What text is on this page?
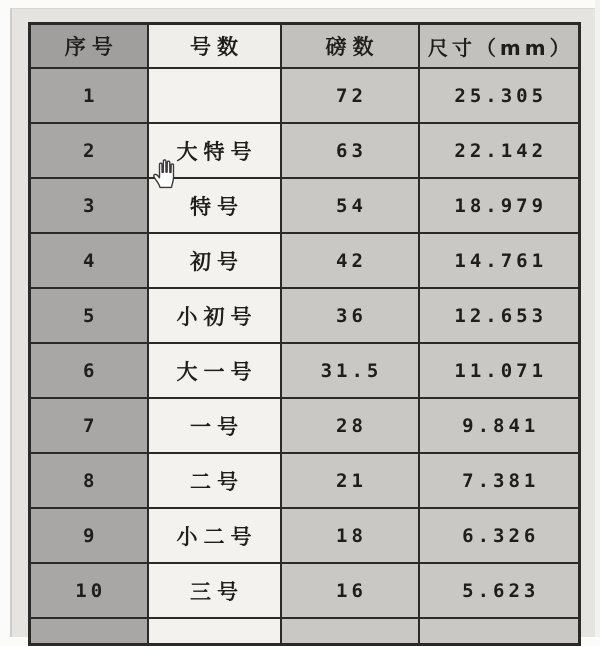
序号	号数	磅数	尺寸（mm）
1		72	25.305
2	大特号	63	22.142
3	特号	54	18.979
4	初号	42	14.761
5	小初号	36	12.653
6	大一号	31.5	11.071
7	一号	28	9.841
8	二号	21	7.381
9	小二号	18	6.326
10	三号	16	5.623
